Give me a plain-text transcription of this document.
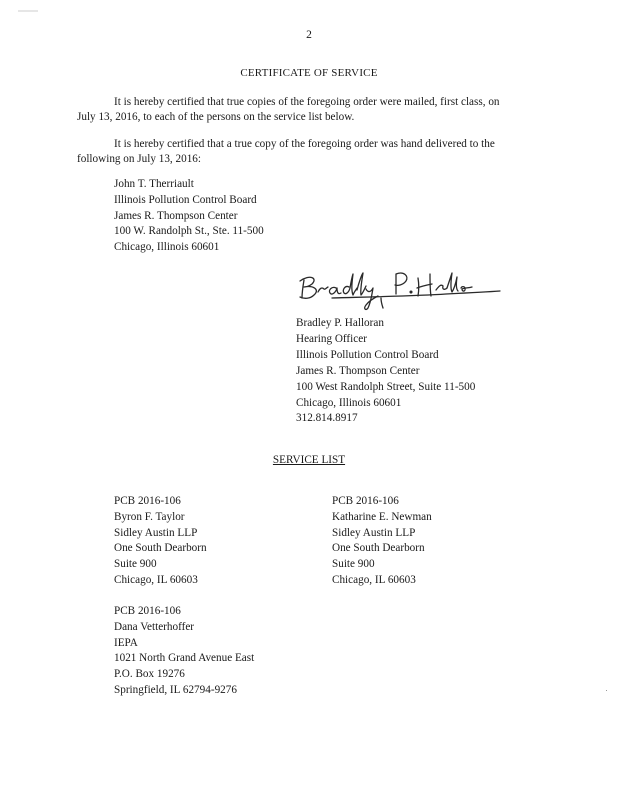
2
CERTIFICATE OF SERVICE
It is hereby certified that true copies of the foregoing order were mailed, first class, on
July 13, 2016, to each of the persons on the service list below.
It is hereby certified that a true copy of the foregoing order was hand delivered to the
following on July 13, 2016:
John T. Therriault
Illinois Pollution Control Board
James R. Thompson Center
100 W. Randolph St., Ste. 11-500
Chicago, Illinois 60601
Bradley P. Halloran
Hearing Officer
Illinois Pollution Control Board
James R. Thompson Center
100 West Randolph Street, Suite 11-500
Chicago, Illinois 60601
312.814.8917
SERVICE LIST
PCB 2016-106
Byron F. Taylor
Sidley Austin LLP
One South Dearborn
Suite 900
Chicago, IL 60603
PCB 2016-106
Katharine E. Newman
Sidley Austin LLP
One South Dearborn
Suite 900
Chicago, IL 60603
PCB 2016-106
Dana Vetterhoffer
IEPA
1021 North Grand Avenue East
P.O. Box 19276
Springfield, IL 62794-9276
